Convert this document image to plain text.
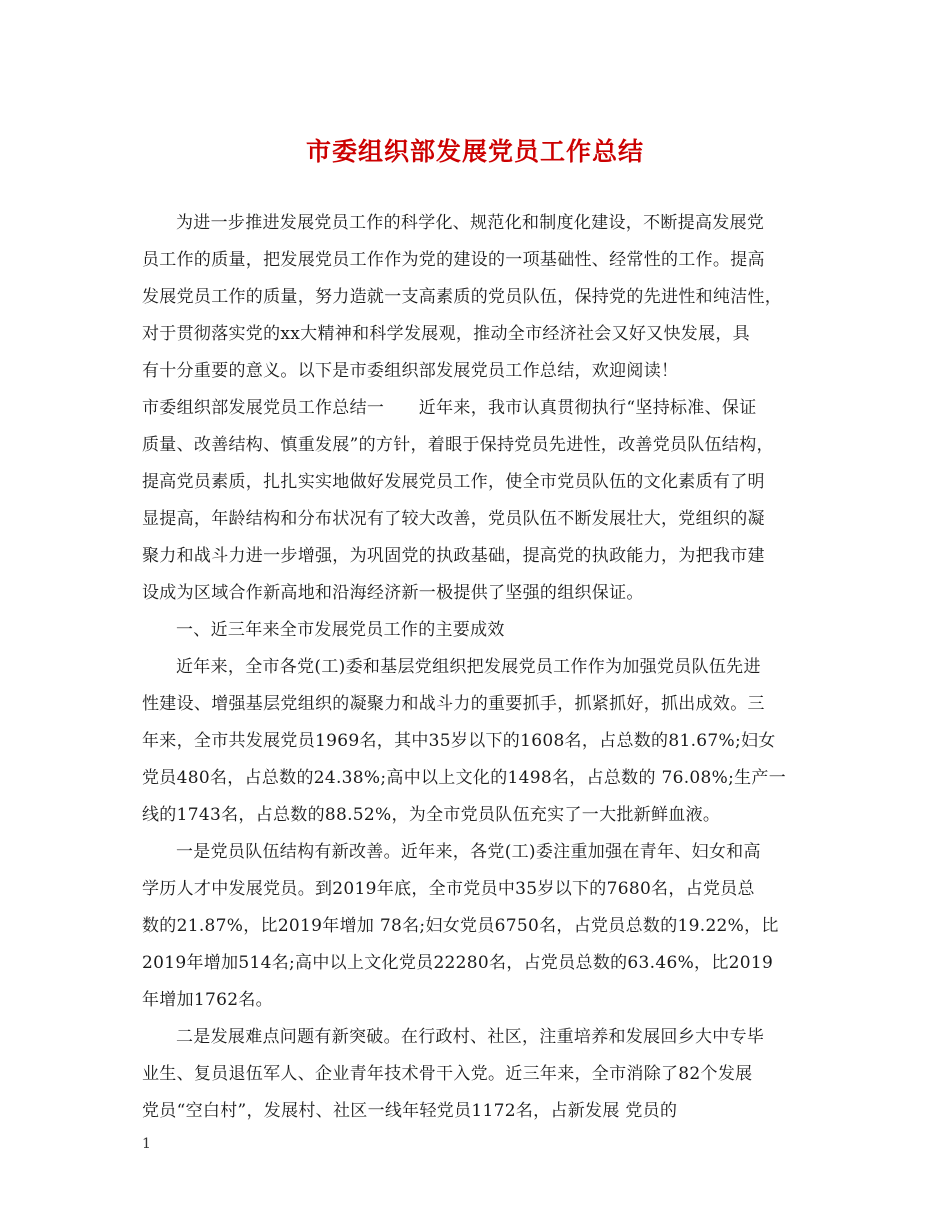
市委组织部发展党员工作总结
为进一步推进发展党员工作的科学化、规范化和制度化建设，不断提高发展党
员工作的质量，把发展党员工作作为党的建设的一项基础性、经常性的工作。提高
发展党员工作的质量，努力造就一支高素质的党员队伍，保持党的先进性和纯洁性，
对于贯彻落实党的xx大精神和科学发展观，推动全市经济社会又好又快发展，具
有十分重要的意义。以下是市委组织部发展党员工作总结，欢迎阅读！
市委组织部发展党员工作总结一　　近年来，我市认真贯彻执行“坚持标准、保证
质量、改善结构、慎重发展”的方针，着眼于保持党员先进性，改善党员队伍结构，
提高党员素质，扎扎实实地做好发展党员工作，使全市党员队伍的文化素质有了明
显提高，年龄结构和分布状况有了较大改善，党员队伍不断发展壮大，党组织的凝
聚力和战斗力进一步增强，为巩固党的执政基础，提高党的执政能力，为把我市建
设成为区域合作新高地和沿海经济新一极提供了坚强的组织保证。
一、近三年来全市发展党员工作的主要成效
近年来，全市各党(工)委和基层党组织把发展党员工作作为加强党员队伍先进
性建设、增强基层党组织的凝聚力和战斗力的重要抓手，抓紧抓好，抓出成效。三
年来，全市共发展党员1969名，其中35岁以下的1608名，占总数的81.67%;妇女
党员480名，占总数的24.38%;高中以上文化的1498名，占总数的 76.08%;生产一
线的1743名，占总数的88.52%，为全市党员队伍充实了一大批新鲜血液。
一是党员队伍结构有新改善。近年来，各党(工)委注重加强在青年、妇女和高
学历人才中发展党员。到2019年底，全市党员中35岁以下的7680名，占党员总
数的21.87%，比2019年增加 78名;妇女党员6750名，占党员总数的19.22%，比
2019年增加514名;高中以上文化党员22280名，占党员总数的63.46%，比2019
年增加1762名。
二是发展难点问题有新突破。在行政村、社区，注重培养和发展回乡大中专毕
业生、复员退伍军人、企业青年技术骨干入党。近三年来，全市消除了82个发展
党员“空白村”，发展村、社区一线年轻党员1172名，占新发展 党员的
1
